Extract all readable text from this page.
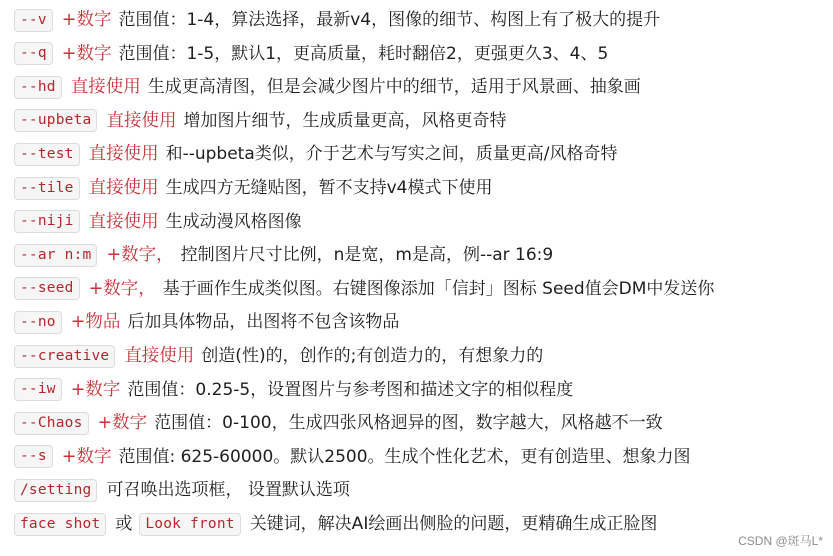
--v +数字 范围值：1-4，算法选择，最新v4，图像的细节、构图上有了极大的提升
--q +数字 范围值：1-5，默认1，更高质量，耗时翻倍2，更强更久3、4、5
--hd 直接使用 生成更高清图，但是会减少图片中的细节，适用于风景画、抽象画
--upbeta 直接使用 增加图片细节，生成质量更高，风格更奇特
--test 直接使用 和--upbeta类似，介于艺术与写实之间，质量更高/风格奇特
--tile 直接使用 生成四方无缝贴图，暂不支持v4模式下使用
--niji 直接使用 生成动漫风格图像
--ar n:m +数字， 控制图片尺寸比例，n是宽，m是高，例--ar 16:9
--seed +数字， 基于画作生成类似图。右键图像添加「信封」图标 Seed值会DM中发送你
--no +物品 后加具体物品，出图将不包含该物品
--creative 直接使用 创造(性)的，创作的;有创造力的，有想象力的
--iw +数字 范围值：0.25-5，设置图片与参考图和描述文字的相似程度
--Chaos +数字 范围值：0-100，生成四张风格迥异的图，数字越大，风格越不一致
--s +数字 范围值: 625-60000。默认2500。生成个性化艺术，更有创造里、想象力图
/setting 可召唤出选项框， 设置默认选项
face shot 或 Look front 关键词，解决AI绘画出侧脸的问题，更精确生成正脸图
CSDN @斑马L*
